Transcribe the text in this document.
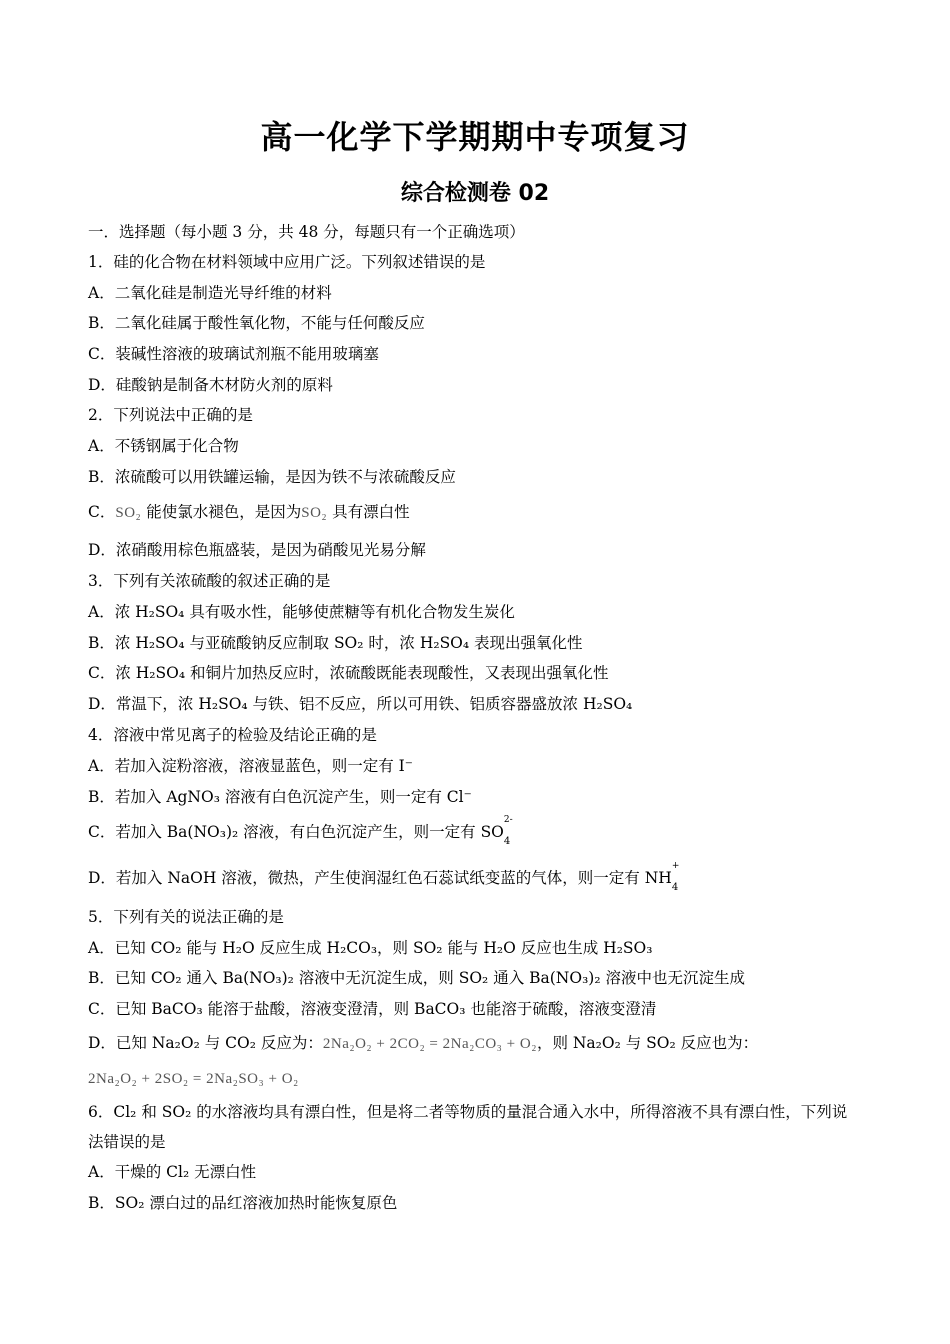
高一化学下学期期中专项复习
综合检测卷 02
一．选择题（每小题 3 分，共 48 分，每题只有一个正确选项）
1．硅的化合物在材料领域中应用广泛。下列叙述错误的是
A．二氧化硅是制造光导纤维的材料
B．二氧化硅属于酸性氧化物，不能与任何酸反应
C．装碱性溶液的玻璃试剂瓶不能用玻璃塞
D．硅酸钠是制备木材防火剂的原料
2．下列说法中正确的是
A．不锈钢属于化合物
B．浓硫酸可以用铁罐运输，是因为铁不与浓硫酸反应
C．SO₂ 能使氯水褪色，是因为SO₂ 具有漂白性
D．浓硝酸用棕色瓶盛装，是因为硝酸见光易分解
3．下列有关浓硫酸的叙述正确的是
A．浓 H₂SO₄ 具有吸水性，能够使蔗糖等有机化合物发生炭化
B．浓 H₂SO₄ 与亚硫酸钠反应制取 SO₂ 时，浓 H₂SO₄ 表现出强氧化性
C．浓 H₂SO₄ 和铜片加热反应时，浓硫酸既能表现酸性，又表现出强氧化性
D．常温下，浓 H₂SO₄ 与铁、铝不反应，所以可用铁、铝质容器盛放浓 H₂SO₄
4．溶液中常见离子的检验及结论正确的是
A．若加入淀粉溶液，溶液显蓝色，则一定有 I⁻
B．若加入 AgNO₃ 溶液有白色沉淀产生，则一定有 Cl⁻
C．若加入 Ba(NO₃)₂ 溶液，有白色沉淀产生，则一定有 SO
2-
$_4$
D．若加入 NaOH 溶液，微热，产生使润湿红色石蕊试纸变蓝的气体，则一定有 NH
+
$_4$
5．下列有关的说法正确的是
A．已知 CO₂ 能与 H₂O 反应生成 H₂CO₃，则 SO₂ 能与 H₂O 反应也生成 H₂SO₃
B．已知 CO₂ 通入 Ba(NO₃)₂ 溶液中无沉淀生成，则 SO₂ 通入 Ba(NO₃)₂ 溶液中也无沉淀生成
C．已知 BaCO₃ 能溶于盐酸，溶液变澄清，则 BaCO₃ 也能溶于硫酸，溶液变澄清
D．已知 Na₂O₂ 与 CO₂ 反应为：2Na₂O₂ + 2CO₂ = 2Na₂CO₃ + O₂，则 Na₂O₂ 与 SO₂ 反应也为：
2Na₂O₂ + 2SO₂ = 2Na₂SO₃ + O₂
6．Cl₂ 和 SO₂ 的水溶液均具有漂白性，但是将二者等物质的量混合通入水中，所得溶液不具有漂白性，下列说法错误的是
A．干燥的 Cl₂ 无漂白性
B．SO₂ 漂白过的品红溶液加热时能恢复原色
